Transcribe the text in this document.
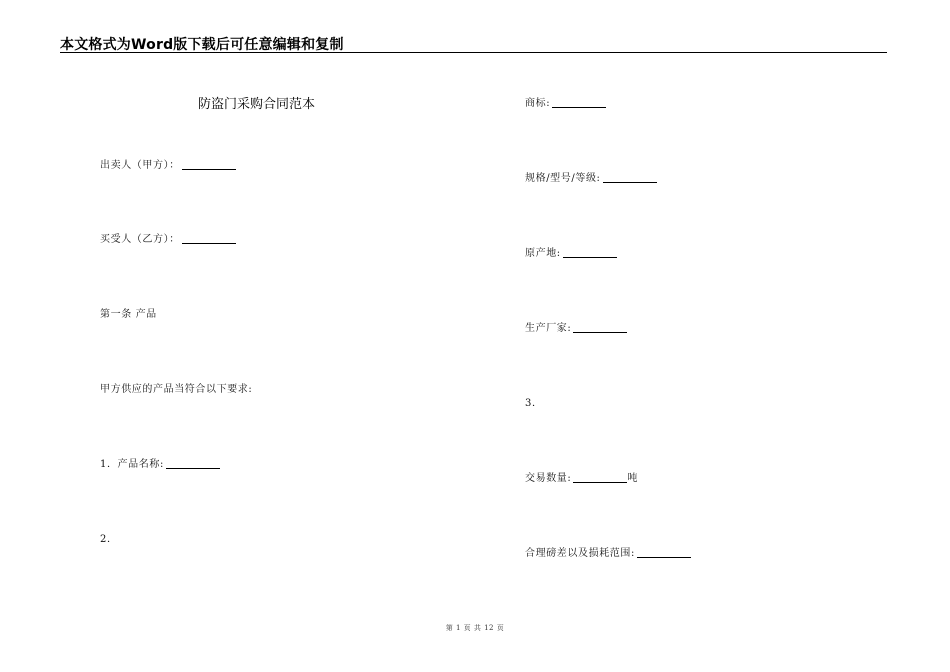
本文格式为Word版下载后可任意编辑和复制
防盗门采购合同范本
出卖人（甲方）：
买受人（乙方）：
第一条 产品
甲方供应的产品当符合以下要求:
1．产品名称:
2．
商标:
规格/型号/等级:
原产地:
生产厂家:
3．
交易数量:	吨
合理磅差以及损耗范围:
第 1 页 共 12 页
